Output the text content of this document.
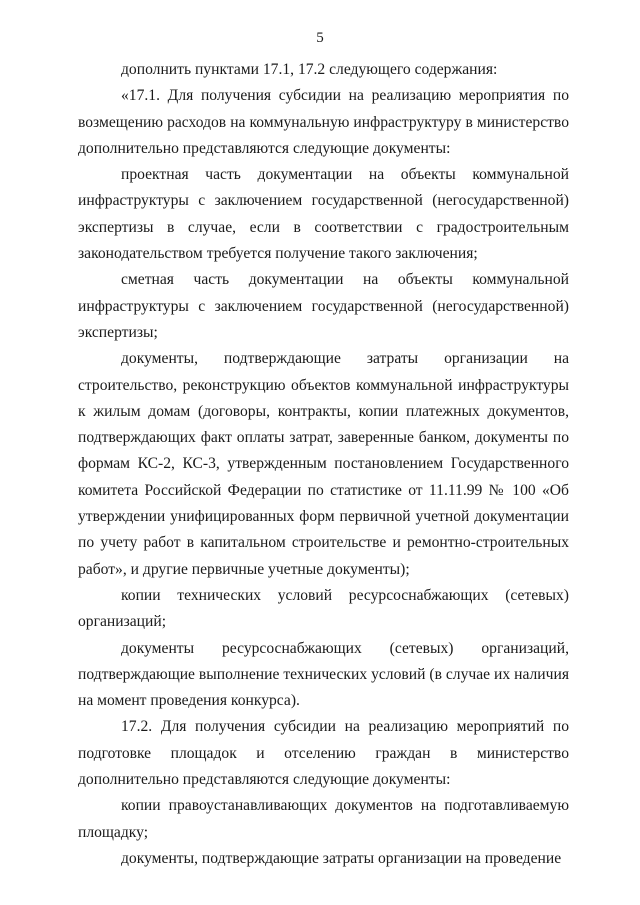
5

дополнить пунктами 17.1, 17.2 следующего содержания:

«17.1. Для получения субсидии на реализацию мероприятия по возмещению расходов на коммунальную инфраструктуру в министерство дополнительно представляются следующие документы:

проектная часть документации на объекты коммунальной инфраструктуры с заключением государственной (негосударственной) экспертизы в случае, если в соответствии с градостроительным законодательством требуется получение такого заключения;

сметная часть документации на объекты коммунальной инфраструктуры с заключением государственной (негосударственной) экспертизы;

документы, подтверждающие затраты организации на строительство, реконструкцию объектов коммунальной инфраструктуры к жилым домам (договоры, контракты, копии платежных документов, подтверждающих факт оплаты затрат, заверенные банком, документы по формам КС-2, КС-3, утвержденным постановлением Государственного комитета Российской Федерации по статистике от 11.11.99 № 100 «Об утверждении унифицированных форм первичной учетной документации по учету работ в капитальном строительстве и ремонтно-строительных работ», и другие первичные учетные документы);

копии технических условий ресурсоснабжающих (сетевых) организаций;

документы ресурсоснабжающих (сетевых) организаций, подтверждающие выполнение технических условий (в случае их наличия на момент проведения конкурса).

17.2. Для получения субсидии на реализацию мероприятий по подготовке площадок и отселению граждан в министерство дополнительно представляются следующие документы:

копии правоустанавливающих документов на подготавливаемую площадку;

документы, подтверждающие затраты организации на проведение
